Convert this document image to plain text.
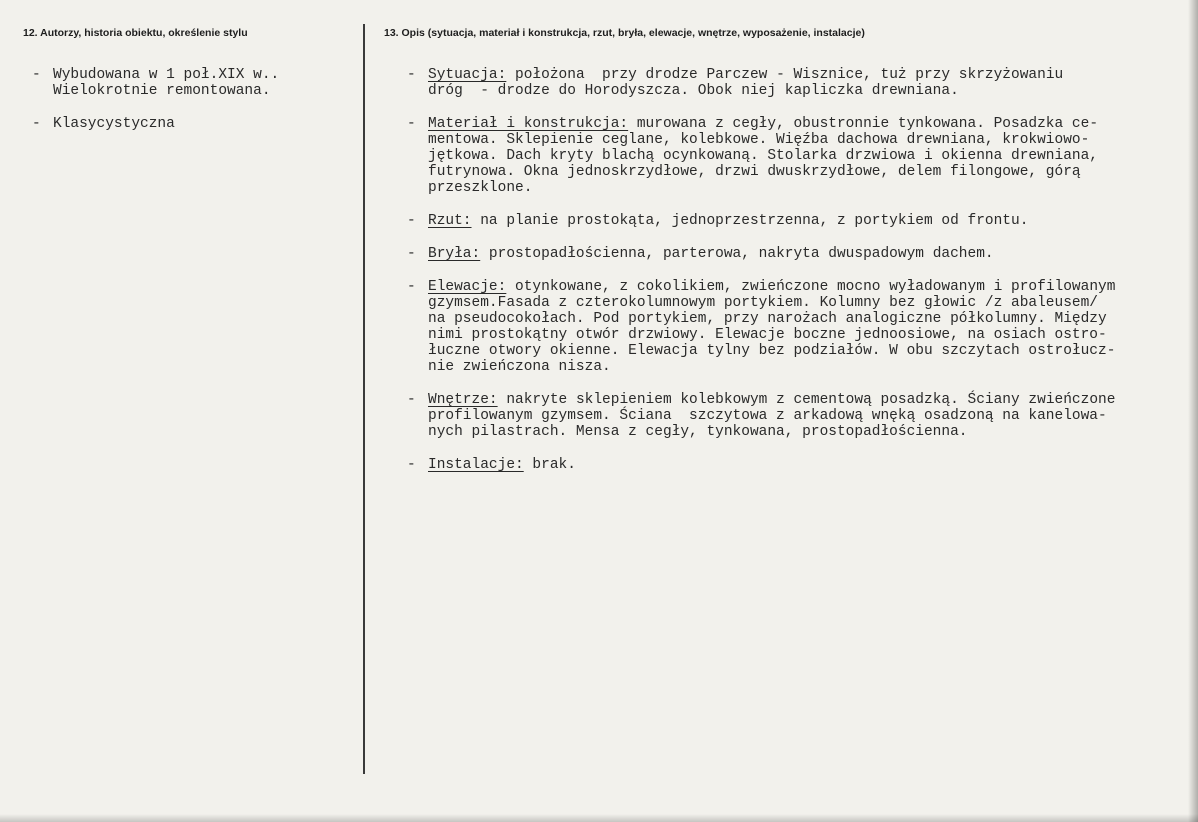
12. Autorzy, historia obiektu, określenie stylu	13. Opis (sytuacja, materiał i konstrukcja, rzut, bryła, elewacje, wnętrze, wyposażenie, instalacje)
- Wybudowana w 1 poł.XIX w..
Wielokrotnie remontowana.
- Klasycystyczna
- Sytuacja: położona  przy drodze Parczew - Wisznice, tuż przy skrzyżowaniu
dróg  - drodze do Horodyszcza. Obok niej kapliczka drewniana.
- Materiał i konstrukcja: murowana z cegły, obustronnie tynkowana. Posadzka ce-
mentowa. Sklepienie ceglane, kolebkowe. Więźba dachowa drewniana, krokwiowo-
jętkowa. Dach kryty blachą ocynkowaną. Stolarka drzwiowa i okienna drewniana,
futrynowa. Okna jednoskrzydłowe, drzwi dwuskrzydłowe, delem filongowe, górą
przeszklone.
- Rzut: na planie prostokąta, jednoprzestrzenna, z portykiem od frontu.
- Bryła: prostopadłościenna, parterowa, nakryta dwuspadowym dachem.
- Elewacje: otynkowane, z cokolikiem, zwieńczone mocno wyładowanym i profilowanym
gzymsem.Fasada z czterokolumnowym portykiem. Kolumny bez głowic /z abaleusem/
na pseudocokołach. Pod portykiem, przy narożach analogiczne półkolumny. Między
nimi prostokątny otwór drzwiowy. Elewacje boczne jednoosiowe, na osiach ostro-
łuczne otwory okienne. Elewacja tylny bez podziałów. W obu szczytach ostrołucz-
nie zwieńczona nisza.
- Wnętrze: nakryte sklepieniem kolebkowym z cementową posadzką. Ściany zwieńczone
profilowanym gzymsem. Ściana  szczytowa z arkadową wnęką osadzoną na kanelowa-
nych pilastrach. Mensa z cegły, tynkowana, prostopadłościenna.
- Instalacje: brak.
